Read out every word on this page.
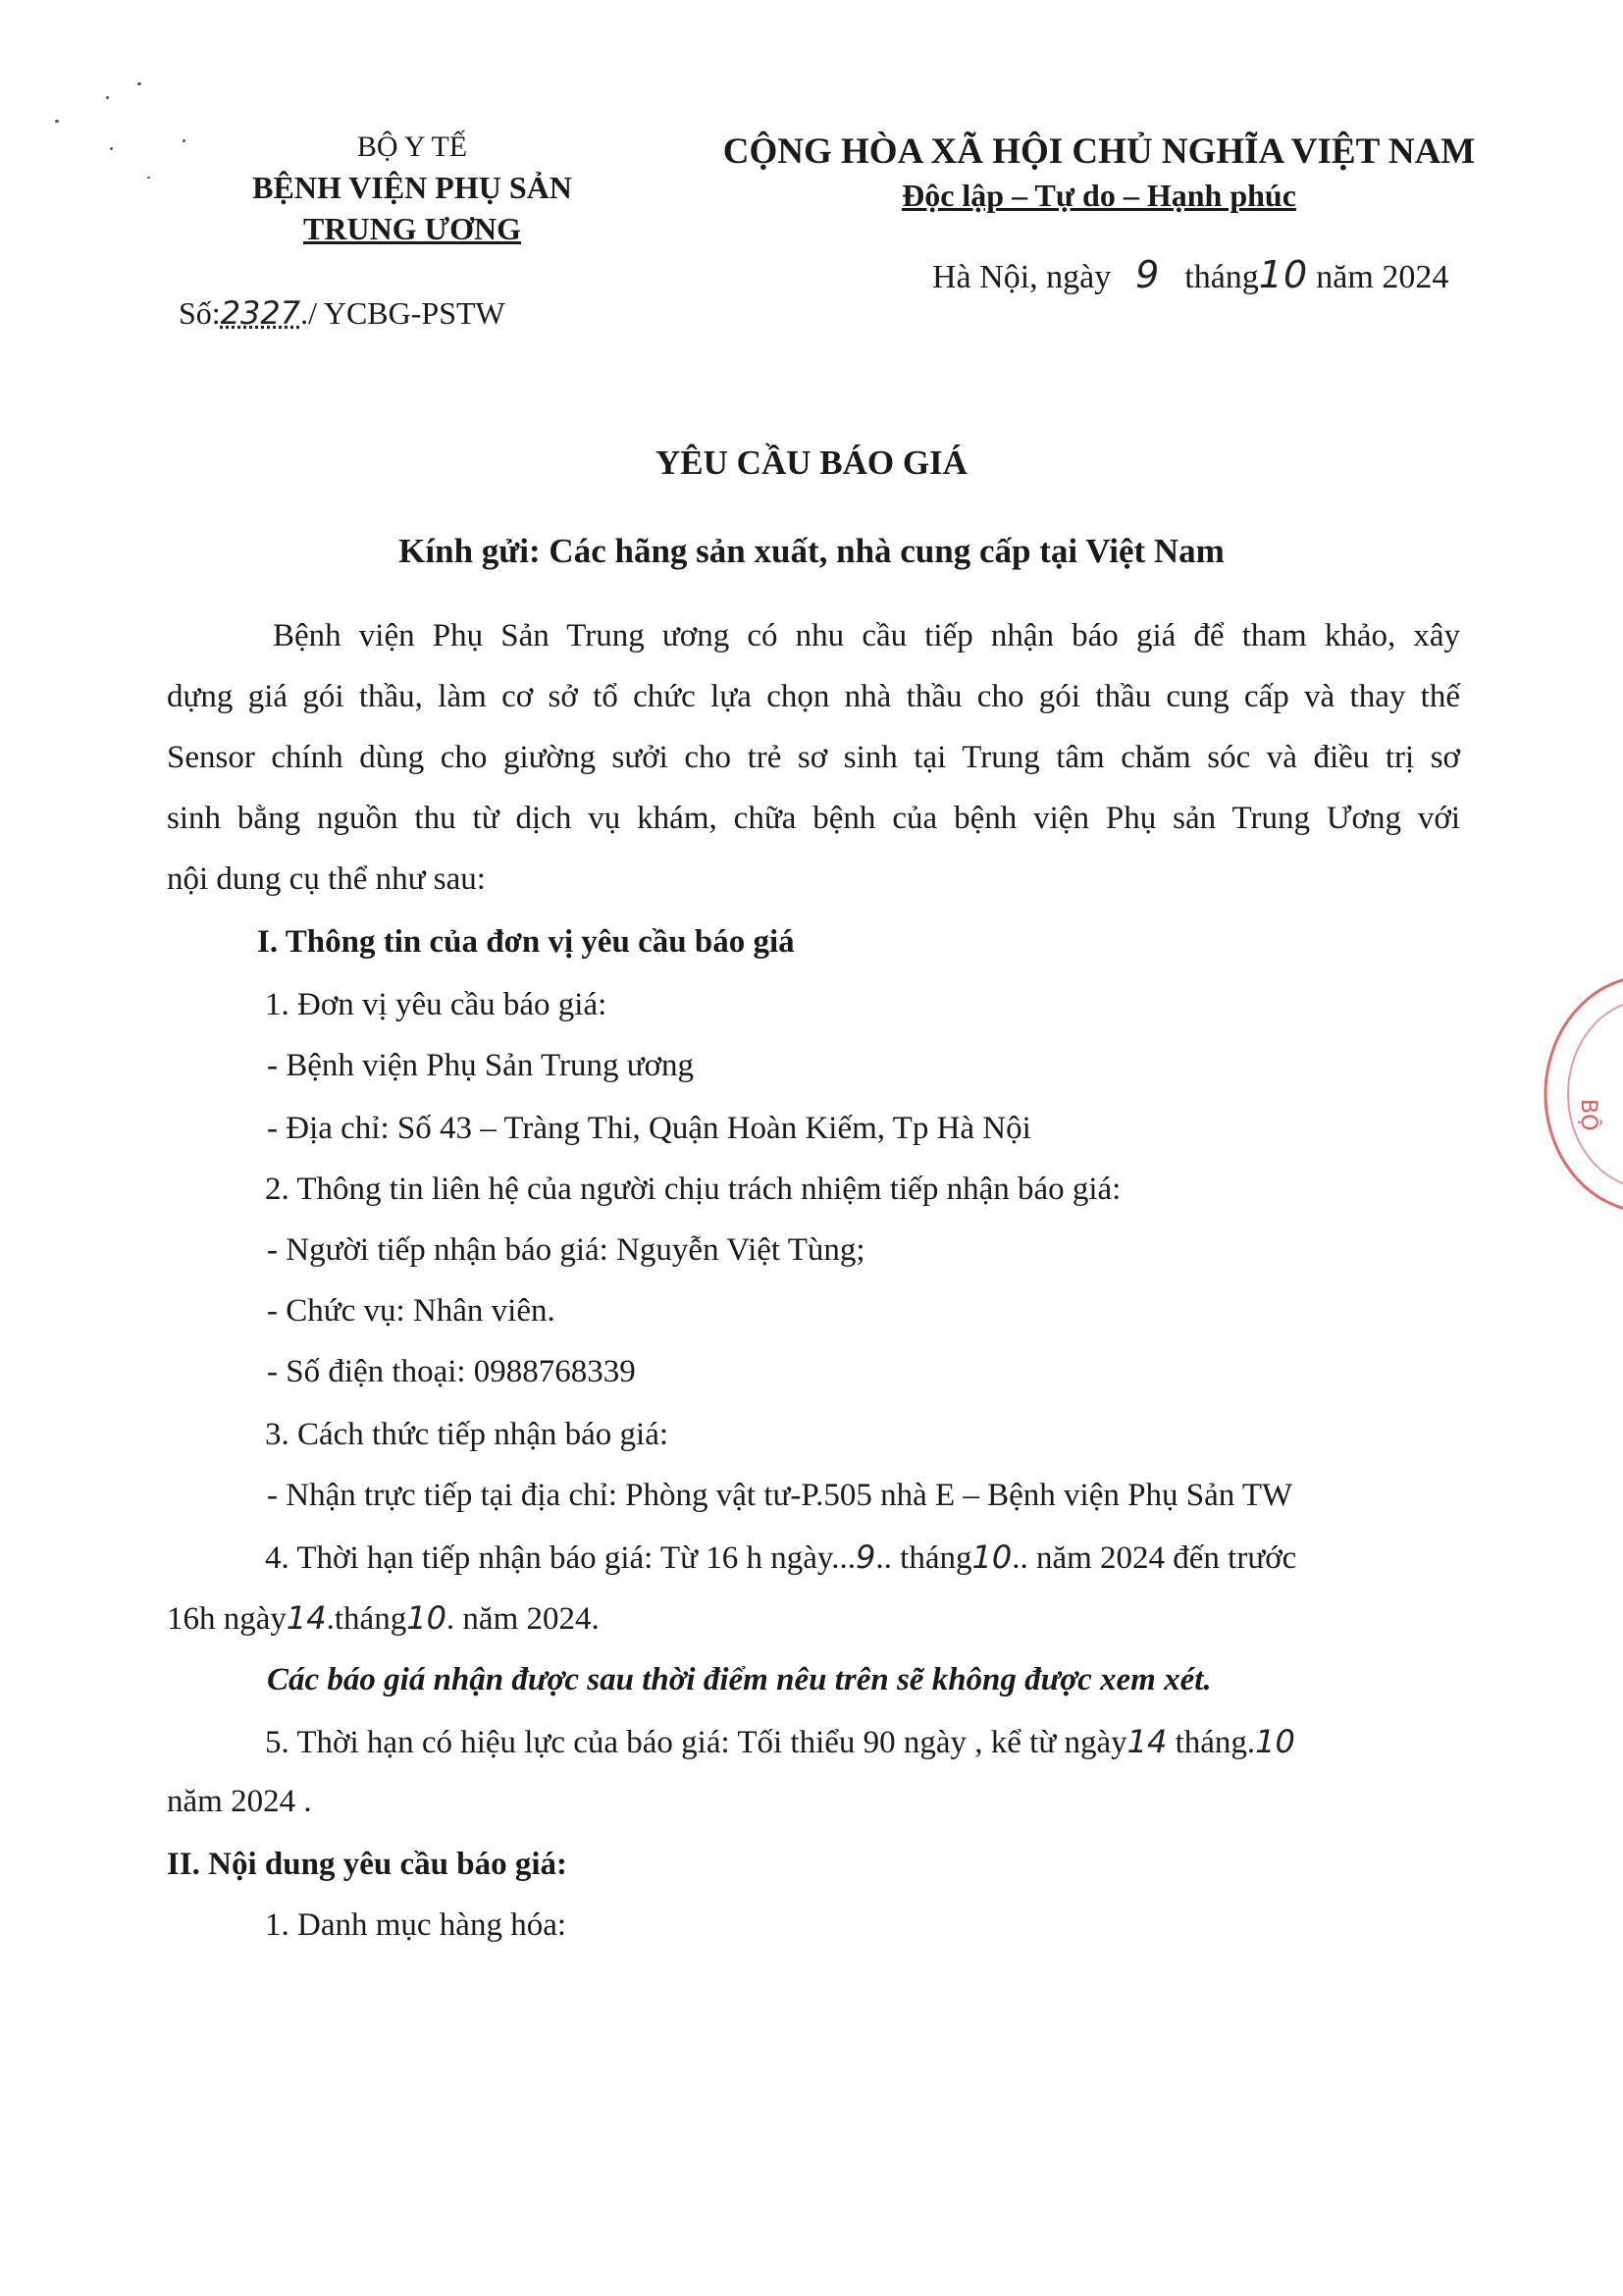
BỘ Y TẾ
BỆNH VIỆN PHỤ SẢN
TRUNG ƯƠNG
Số:2327./ YCBG-PSTW
CỘNG HÒA XÃ HỘI CHỦ NGHĨA VIỆT NAM
Độc lập – Tự do – Hạnh phúc
Hà Nội, ngày 9 tháng10 năm 2024
YÊU CẦU BÁO GIÁ
Kính gửi: Các hãng sản xuất, nhà cung cấp tại Việt Nam
Bệnh viện Phụ Sản Trung ương có nhu cầu tiếp nhận báo giá để tham khảo, xây
dựng giá gói thầu, làm cơ sở tổ chức lựa chọn nhà thầu cho gói thầu cung cấp và thay thế
Sensor chính dùng cho giường sưởi cho trẻ sơ sinh tại Trung tâm chăm sóc và điều trị sơ
sinh bằng nguồn thu từ dịch vụ khám, chữa bệnh của bệnh viện Phụ sản Trung Ương với
nội dung cụ thể như sau:
I. Thông tin của đơn vị yêu cầu báo giá
1. Đơn vị yêu cầu báo giá:
- Bệnh viện Phụ Sản Trung ương
- Địa chỉ: Số 43 – Tràng Thi, Quận Hoàn Kiếm, Tp Hà Nội
2. Thông tin liên hệ của người chịu trách nhiệm tiếp nhận báo giá:
- Người tiếp nhận báo giá: Nguyễn Việt Tùng;
- Chức vụ: Nhân viên.
- Số điện thoại: 0988768339
3. Cách thức tiếp nhận báo giá:
- Nhận trực tiếp tại địa chỉ: Phòng vật tư-P.505 nhà E – Bệnh viện Phụ Sản TW
4. Thời hạn tiếp nhận báo giá: Từ 16 h ngày...9.. tháng10.. năm 2024 đến trước
16h ngày14.tháng10. năm 2024.
Các báo giá nhận được sau thời điểm nêu trên sẽ không được xem xét.
5. Thời hạn có hiệu lực của báo giá: Tối thiểu 90 ngày , kể từ ngày14 tháng.10
năm 2024 .
II. Nội dung yêu cầu báo giá:
1. Danh mục hàng hóa:
BỘ
